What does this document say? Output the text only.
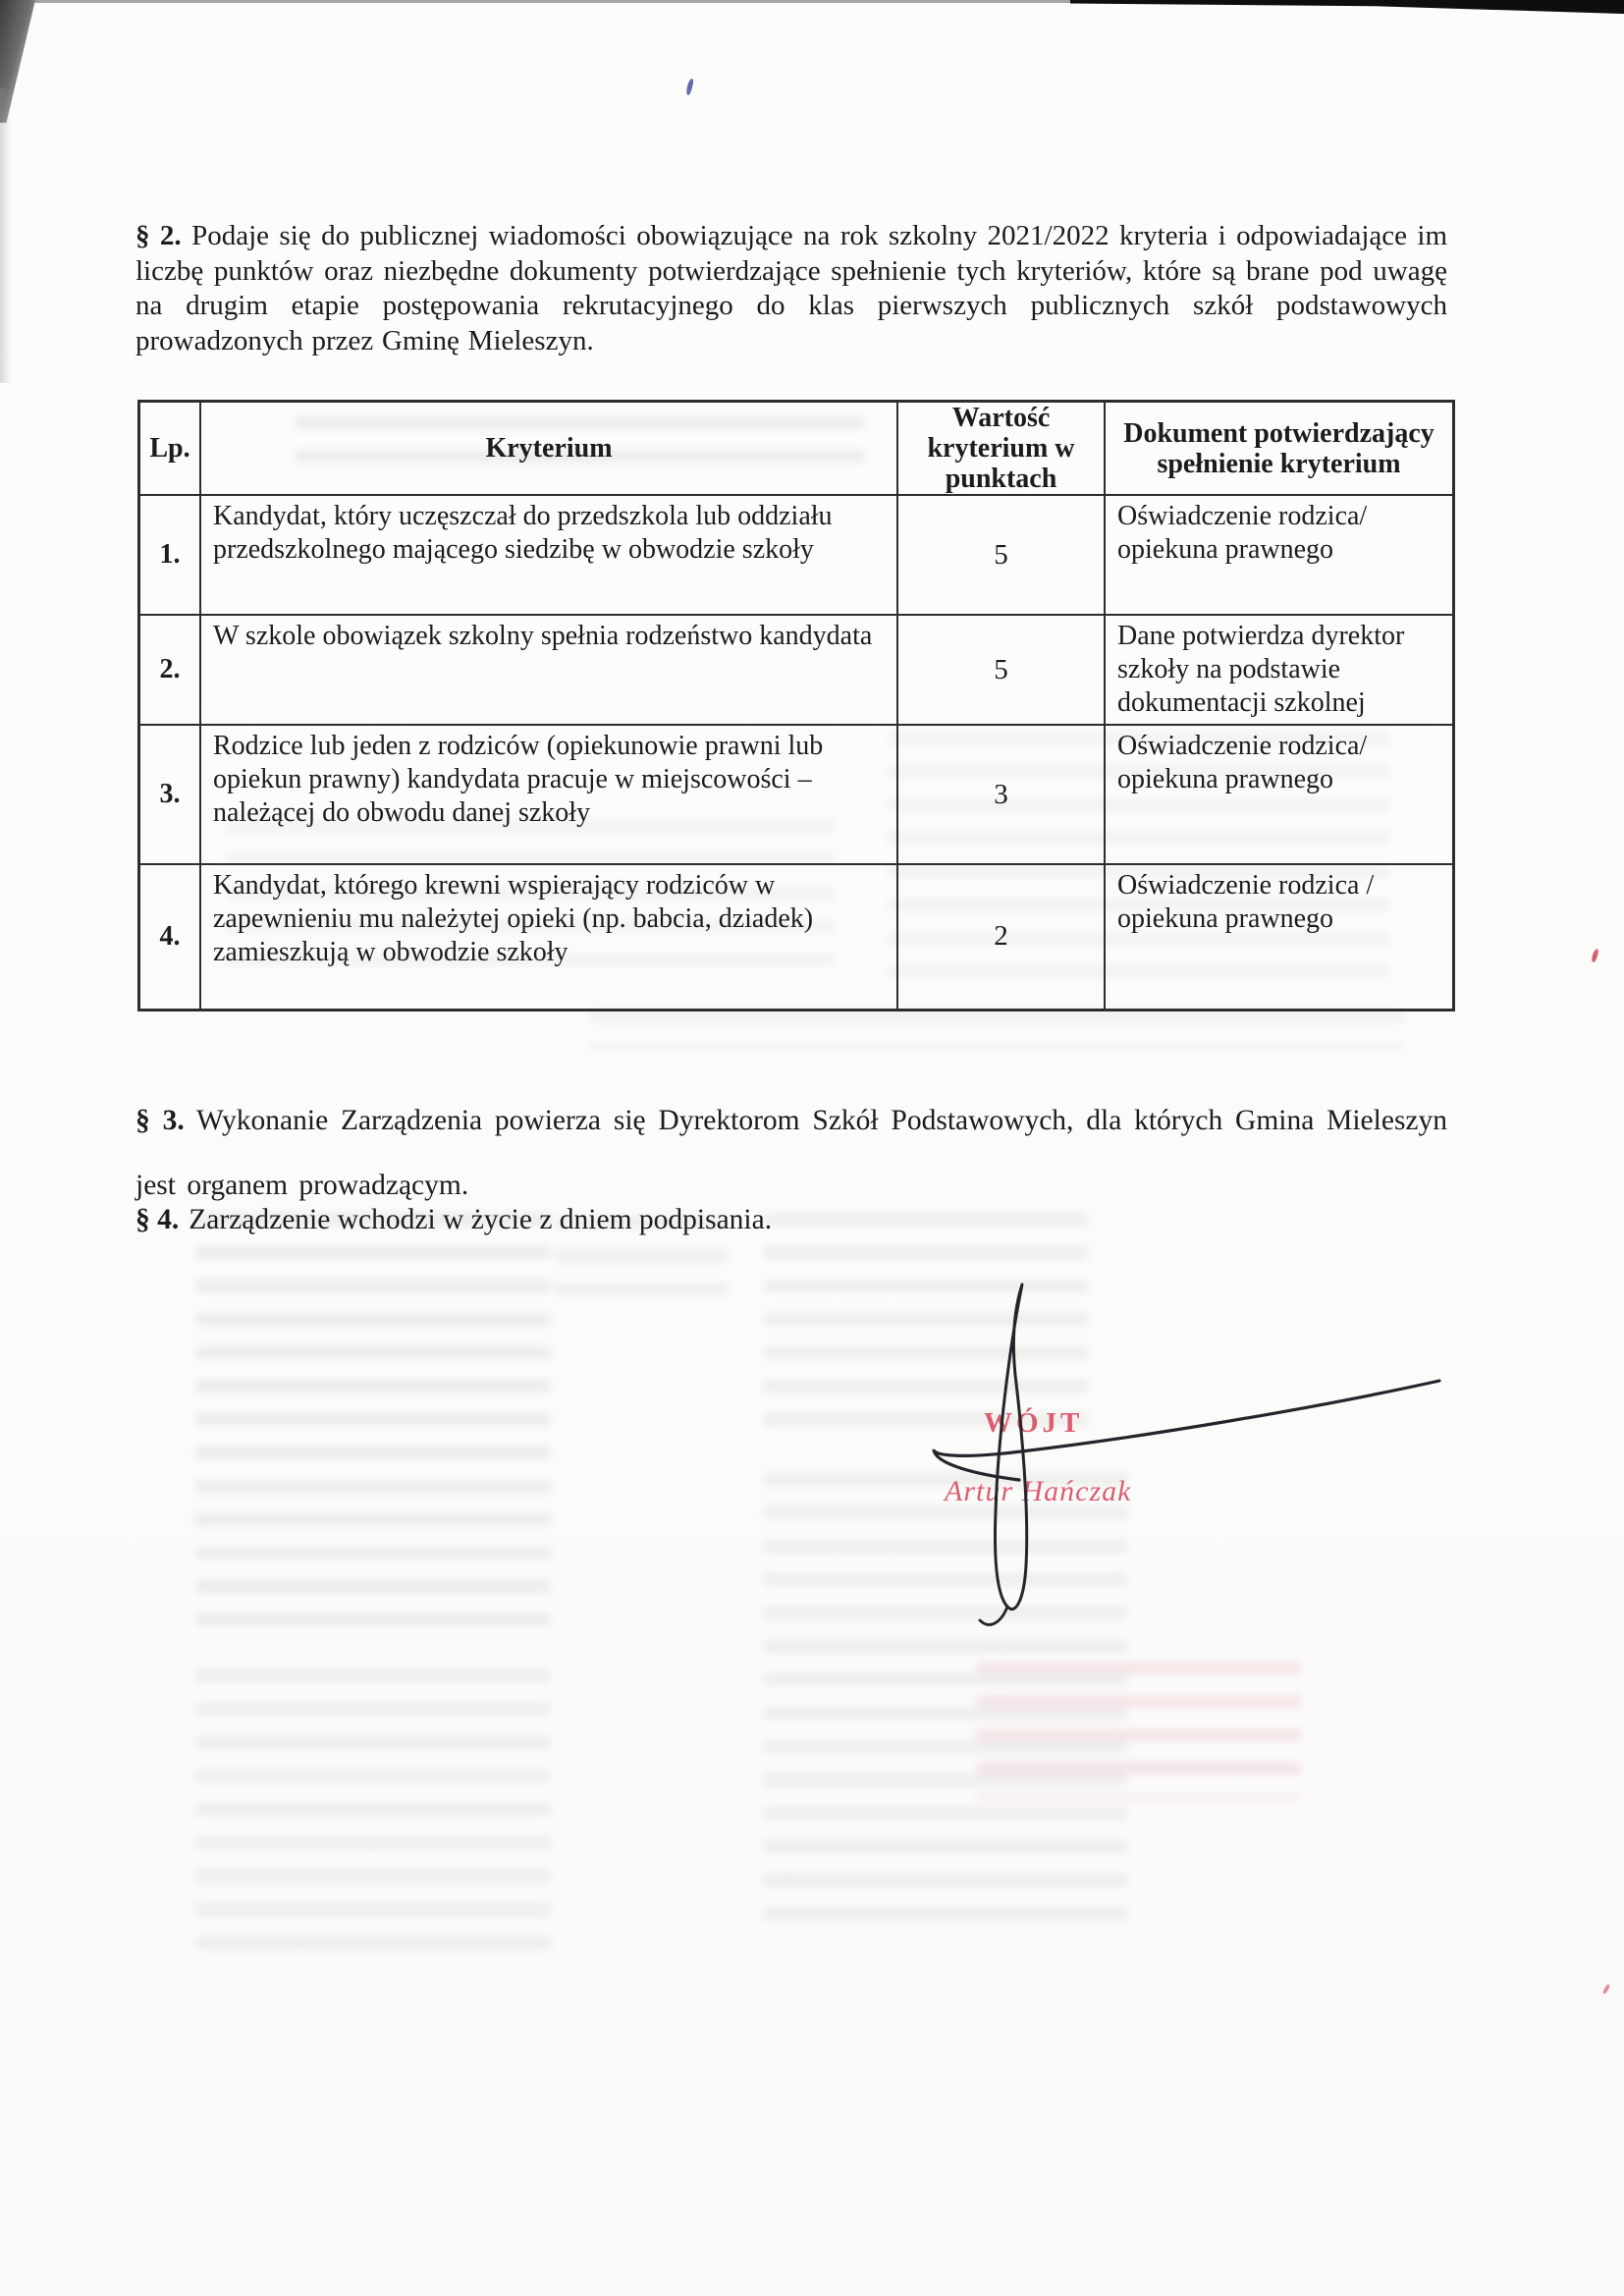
§ 2. Podaje się do publicznej wiadomości obowiązujące na rok szkolny 2021/2022 kryteria i odpowiadające im liczbę punktów oraz niezbędne dokumenty potwierdzające spełnienie tych kryteriów, które są brane pod uwagę na drugim etapie postępowania rekrutacyjnego do klas pierwszych publicznych szkół podstawowych prowadzonych przez Gminę Mieleszyn.

Lp.	Kryterium	Wartość kryterium w punktach	Dokument potwierdzający spełnienie kryterium
1.	Kandydat, który uczęszczał do przedszkola lub oddziału przedszkolnego mającego siedzibę w obwodzie szkoły	5	Oświadczenie rodzica/ opiekuna prawnego
2.	W szkole obowiązek szkolny spełnia rodzeństwo kandydata	5	Dane potwierdza dyrektor szkoły na podstawie dokumentacji szkolnej
3.	Rodzice lub jeden z rodziców (opiekunowie prawni lub opiekun prawny) kandydata pracuje w miejscowości – należącej do obwodu danej szkoły	3	Oświadczenie rodzica/ opiekuna prawnego
4.	Kandydat, którego krewni wspierający rodziców w zapewnieniu mu należytej opieki (np. babcia, dziadek) zamieszkują w obwodzie szkoły	2	Oświadczenie rodzica / opiekuna prawnego

§ 3. Wykonanie Zarządzenia powierza się Dyrektorom Szkół Podstawowych, dla których Gmina Mieleszyn jest organem prowadzącym.

§ 4. Zarządzenie wchodzi w życie z dniem podpisania.

WÓJT
Artur Hańczak
